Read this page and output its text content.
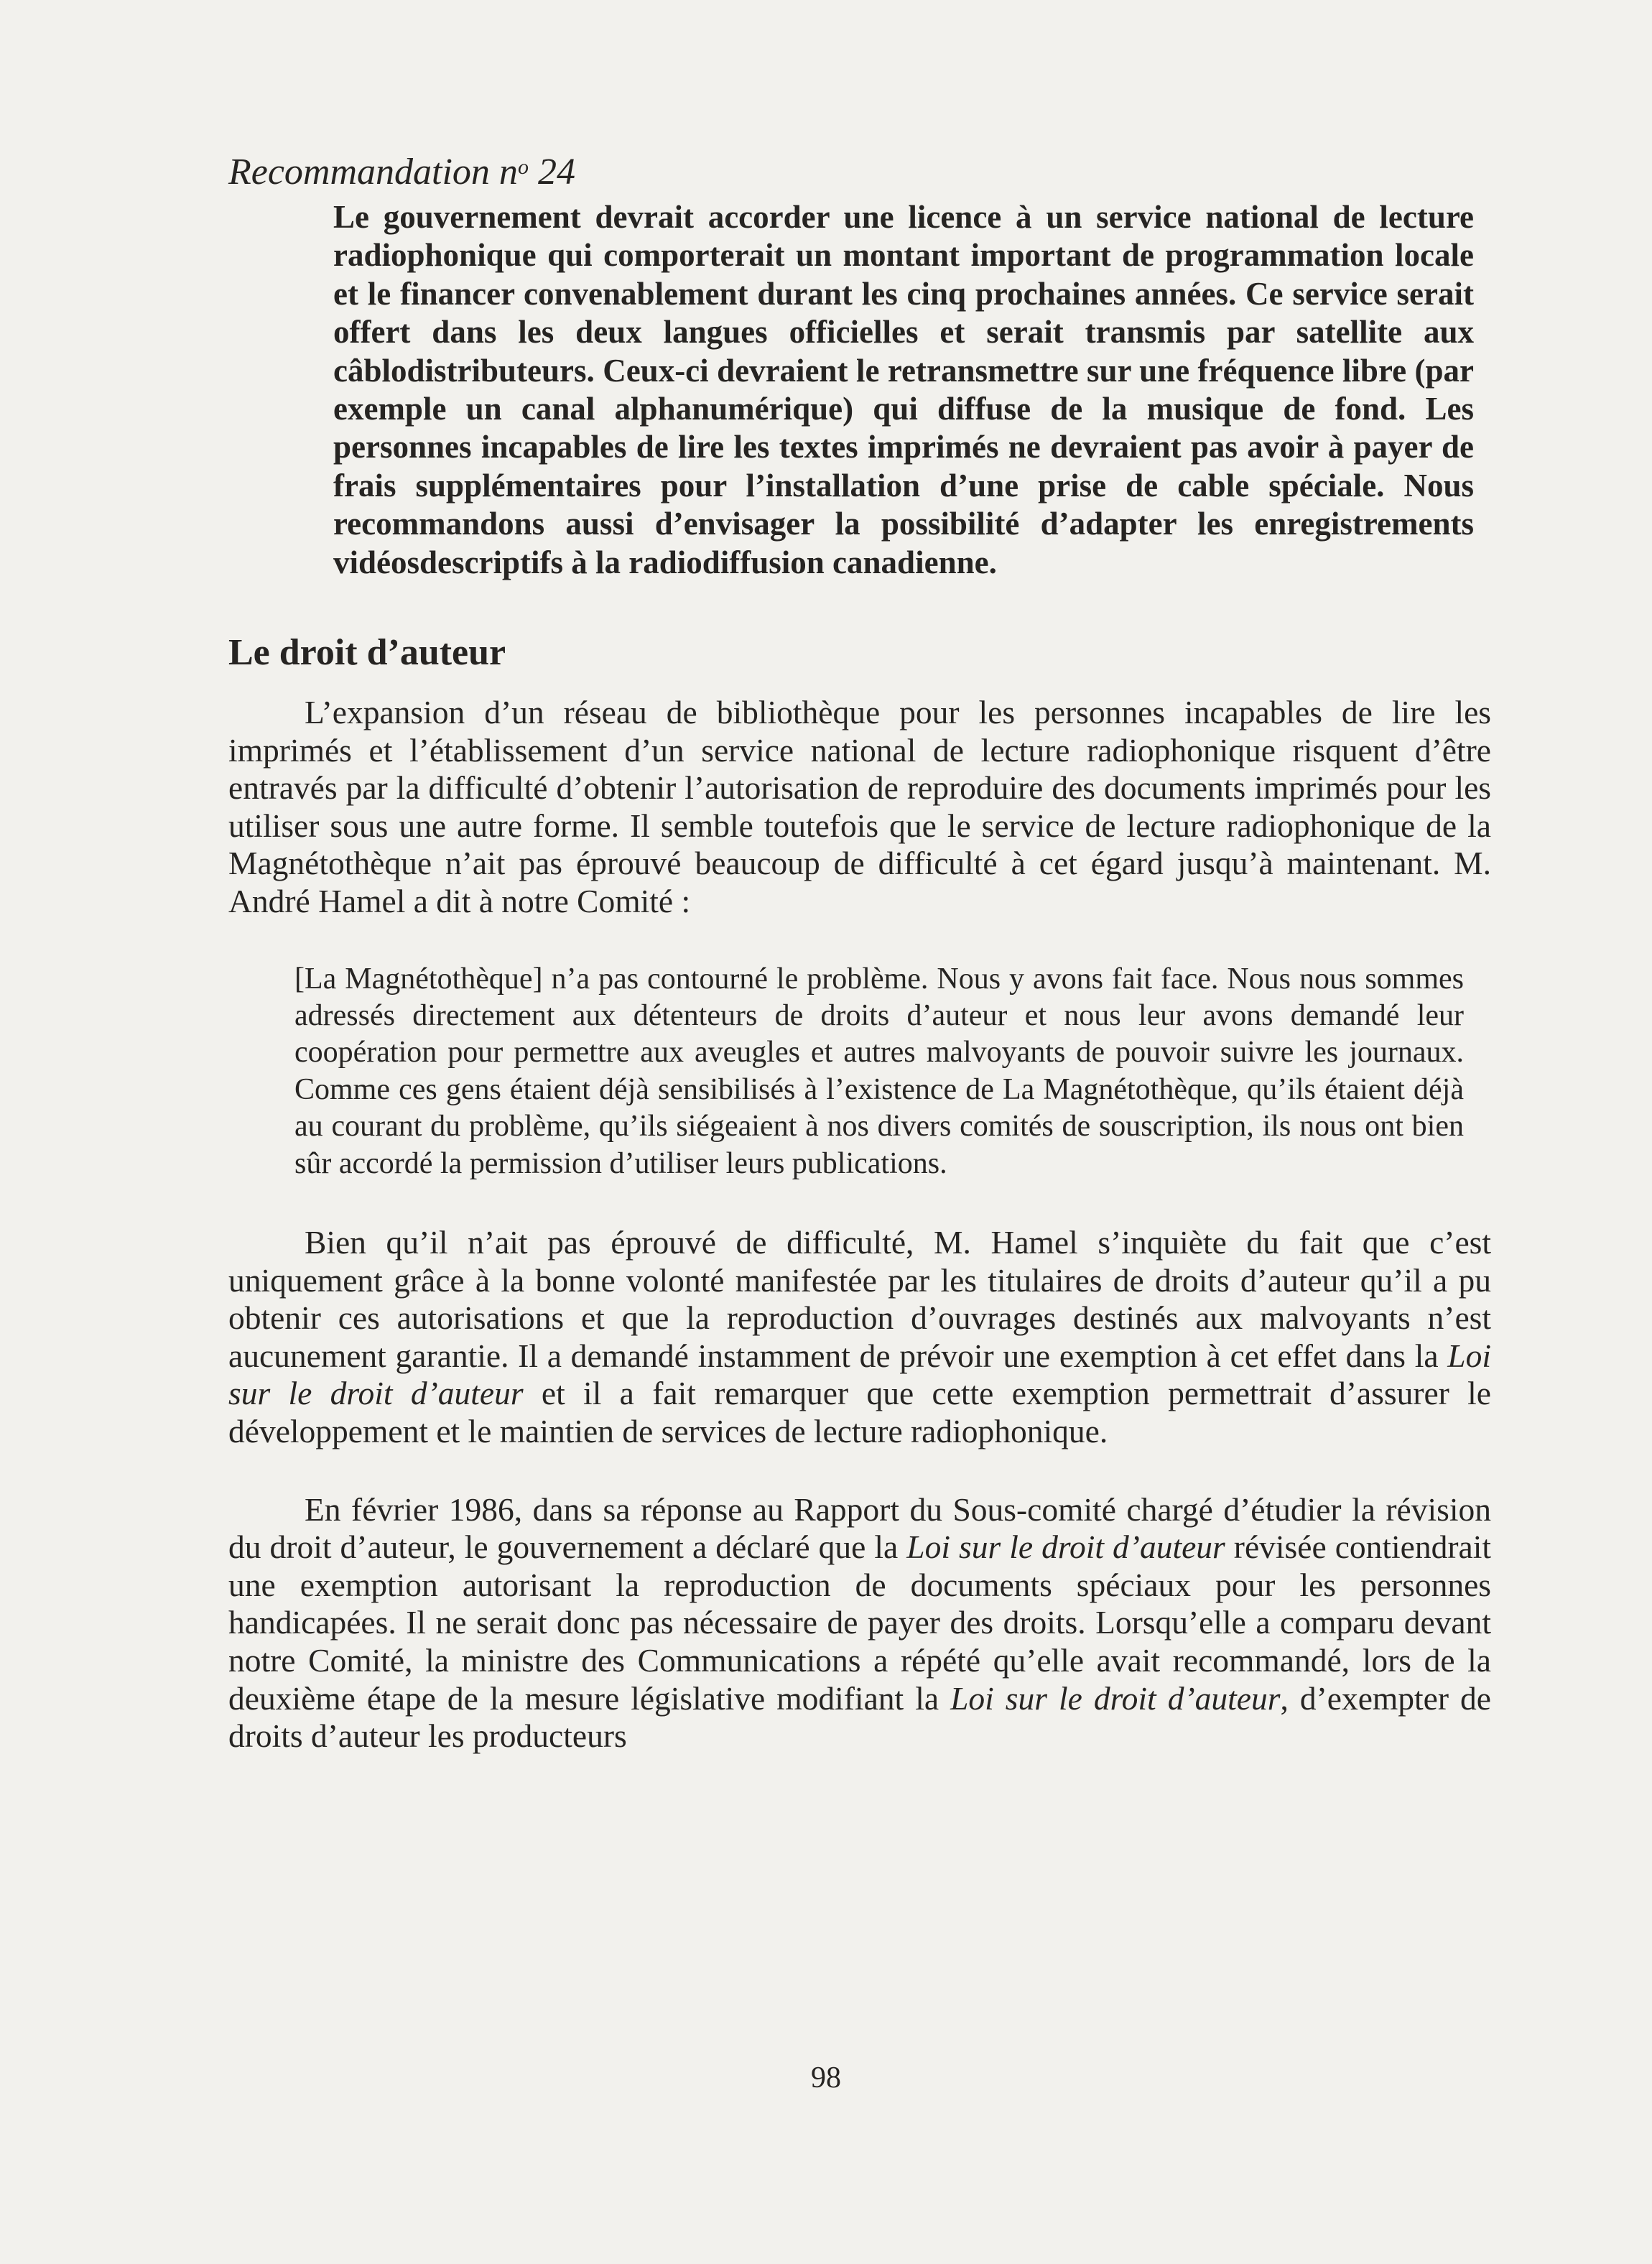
Recommandation $n^o$ 24

Le gouvernement devrait accorder une licence à un service national de lecture radiophonique qui comporterait un montant important de programmation locale et le financer convenablement durant les cinq prochaines années. Ce service serait offert dans les deux langues officielles et serait transmis par satellite aux câblodistributeurs. Ceux-ci devraient le retransmettre sur une fréquence libre (par exemple un canal alphanumérique) qui diffuse de la musique de fond. Les personnes incapables de lire les textes imprimés ne devraient pas avoir à payer de frais supplémentaires pour l’installation d’une prise de cable spéciale. Nous recommandons aussi d’envisager la possibilité d’adapter les enregistrements vidéosdescriptifs à la radiodiffusion canadienne.

Le droit d’auteur

L’expansion d’un réseau de bibliothèque pour les personnes incapables de lire les imprimés et l’établissement d’un service national de lecture radiophonique risquent d’être entravés par la difficulté d’obtenir l’autorisation de reproduire des documents imprimés pour les utiliser sous une autre forme. Il semble toutefois que le service de lecture radiophonique de la Magnétothèque n’ait pas éprouvé beaucoup de difficulté à cet égard jusqu’à maintenant. M. André Hamel a dit à notre Comité :

[La Magnétothèque] n’a pas contourné le problème. Nous y avons fait face. Nous nous sommes adressés directement aux détenteurs de droits d’auteur et nous leur avons demandé leur coopération pour permettre aux aveugles et autres malvoyants de pouvoir suivre les journaux. Comme ces gens étaient déjà sensibilisés à l’existence de La Magnétothèque, qu’ils étaient déjà au courant du problème, qu’ils siégeaient à nos divers comités de souscription, ils nous ont bien sûr accordé la permission d’utiliser leurs publications.

Bien qu’il n’ait pas éprouvé de difficulté, M. Hamel s’inquiète du fait que c’est uniquement grâce à la bonne volonté manifestée par les titulaires de droits d’auteur qu’il a pu obtenir ces autorisations et que la reproduction d’ouvrages destinés aux malvoyants n’est aucunement garantie. Il a demandé instamment de prévoir une exemption à cet effet dans la Loi sur le droit d’auteur et il a fait remarquer que cette exemption permettrait d’assurer le développement et le maintien de services de lecture radiophonique.

En février 1986, dans sa réponse au Rapport du Sous-comité chargé d’étudier la révision du droit d’auteur, le gouvernement a déclaré que la Loi sur le droit d’auteur révisée contiendrait une exemption autorisant la reproduction de documents spéciaux pour les personnes handicapées. Il ne serait donc pas nécessaire de payer des droits. Lorsqu’elle a comparu devant notre Comité, la ministre des Communications a répété qu’elle avait recommandé, lors de la deuxième étape de la mesure législative modifiant la Loi sur le droit d’auteur, d’exempter de droits d’auteur les producteurs

98
